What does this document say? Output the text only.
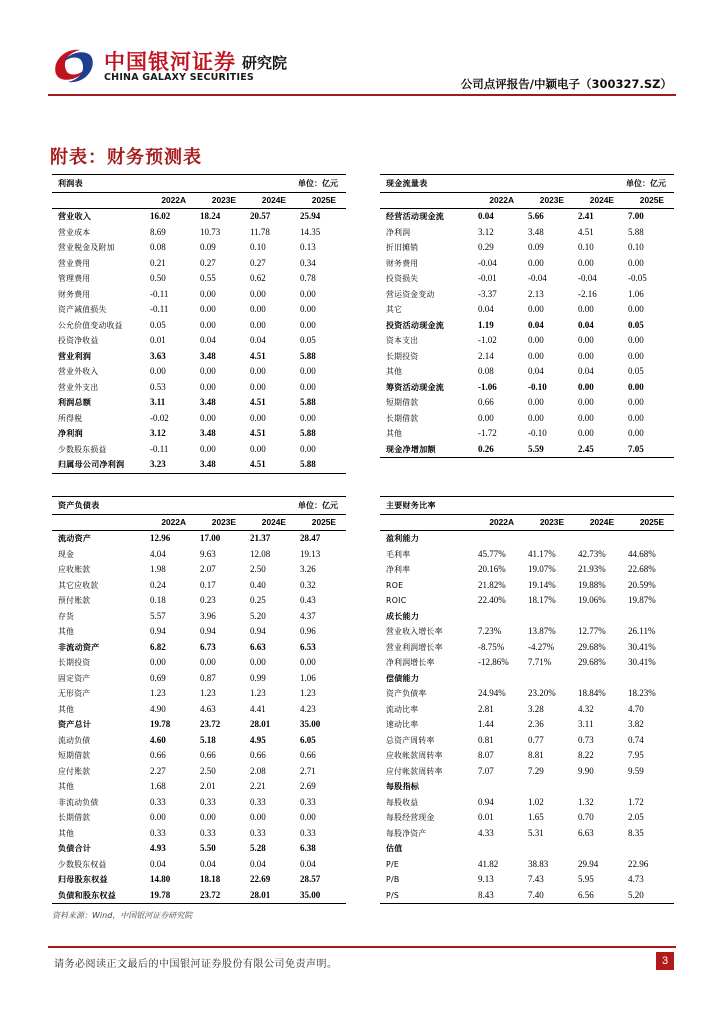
中国银河证券
CHINA GALAXY SECURITIES
研究院
公司点评报告/中颖电子（300327.SZ）
附表：财务预测表
利润表			单位：亿元	
	2022A	2023E	2024E	2025E
营业收入	16.02	18.24	20.57	25.94
营业成本	8.69	10.73	11.78	14.35
营业税金及附加	0.08	0.09	0.10	0.13
营业费用	0.21	0.27	0.27	0.34
管理费用	0.50	0.55	0.62	0.78
财务费用	-0.11	0.00	0.00	0.00
资产减值损失	-0.11	0.00	0.00	0.00
公允价值变动收益	0.05	0.00	0.00	0.00
投资净收益	0.01	0.04	0.04	0.05
营业利润	3.63	3.48	4.51	5.88
营业外收入	0.00	0.00	0.00	0.00
营业外支出	0.53	0.00	0.00	0.00
利润总额	3.11	3.48	4.51	5.88
所得税	-0.02	0.00	0.00	0.00
净利润	3.12	3.48	4.51	5.88
少数股东损益	-0.11	0.00	0.00	0.00
归属母公司净利润	3.23	3.48	4.51	5.88
现金流量表			单位：亿元	
	2022A	2023E	2024E	2025E
经营活动现金流	0.04	5.66	2.41	7.00
净利润	3.12	3.48	4.51	5.88
折旧摊销	0.29	0.09	0.10	0.10
财务费用	-0.04	0.00	0.00	0.00
投资损失	-0.01	-0.04	-0.04	-0.05
营运资金变动	-3.37	2.13	-2.16	1.06
其它	0.04	0.00	0.00	0.00
投资活动现金流	1.19	0.04	0.04	0.05
资本支出	-1.02	0.00	0.00	0.00
长期投资	2.14	0.00	0.00	0.00
其他	0.08	0.04	0.04	0.05
筹资活动现金流	-1.06	-0.10	0.00	0.00
短期借款	0.66	0.00	0.00	0.00
长期借款	0.00	0.00	0.00	0.00
其他	-1.72	-0.10	0.00	0.00
现金净增加额	0.26	5.59	2.45	7.05
资产负债表			单位：亿元	
	2022A	2023E	2024E	2025E
流动资产	12.96	17.00	21.37	28.47
现金	4.04	9.63	12.08	19.13
应收账款	1.98	2.07	2.50	3.26
其它应收款	0.24	0.17	0.40	0.32
预付账款	0.18	0.23	0.25	0.43
存货	5.57	3.96	5.20	4.37
其他	0.94	0.94	0.94	0.96
非流动资产	6.82	6.73	6.63	6.53
长期投资	0.00	0.00	0.00	0.00
固定资产	0.69	0.87	0.99	1.06
无形资产	1.23	1.23	1.23	1.23
其他	4.90	4.63	4.41	4.23
资产总计	19.78	23.72	28.01	35.00
流动负债	4.60	5.18	4.95	6.05
短期借款	0.66	0.66	0.66	0.66
应付账款	2.27	2.50	2.08	2.71
其他	1.68	2.01	2.21	2.69
非流动负债	0.33	0.33	0.33	0.33
长期借款	0.00	0.00	0.00	0.00
其他	0.33	0.33	0.33	0.33
负债合计	4.93	5.50	5.28	6.38
少数股东权益	0.04	0.04	0.04	0.04
归母股东权益	14.80	18.18	22.69	28.57
负债和股东权益	19.78	23.72	28.01	35.00
主要财务比率				
	2022A	2023E	2024E	2025E
盈利能力				
毛利率	45.77%	41.17%	42.73%	44.68%
净利率	20.16%	19.07%	21.93%	22.68%
ROE	21.82%	19.14%	19.88%	20.59%
ROIC	22.40%	18.17%	19.06%	19.87%
成长能力				
营业收入增长率	7.23%	13.87%	12.77%	26.11%
营业利润增长率	-8.75%	-4.27%	29.68%	30.41%
净利润增长率	-12.86%	7.71%	29.68%	30.41%
偿债能力				
资产负债率	24.94%	23.20%	18.84%	18.23%
流动比率	2.81	3.28	4.32	4.70
速动比率	1.44	2.36	3.11	3.82
总资产周转率	0.81	0.77	0.73	0.74
应收帐款周转率	8.07	8.81	8.22	7.95
应付帐款周转率	7.07	7.29	9.90	9.59
每股指标				
每股收益	0.94	1.02	1.32	1.72
每股经营现金	0.01	1.65	0.70	2.05
每股净资产	4.33	5.31	6.63	8.35
估值				
P/E	41.82	38.83	29.94	22.96
P/B	9.13	7.43	5.95	4.73
P/S	8.43	7.40	6.56	5.20
资料来源：Wind，中国银河证券研究院
请务必阅读正文最后的中国银河证券股份有限公司免责声明。	3
